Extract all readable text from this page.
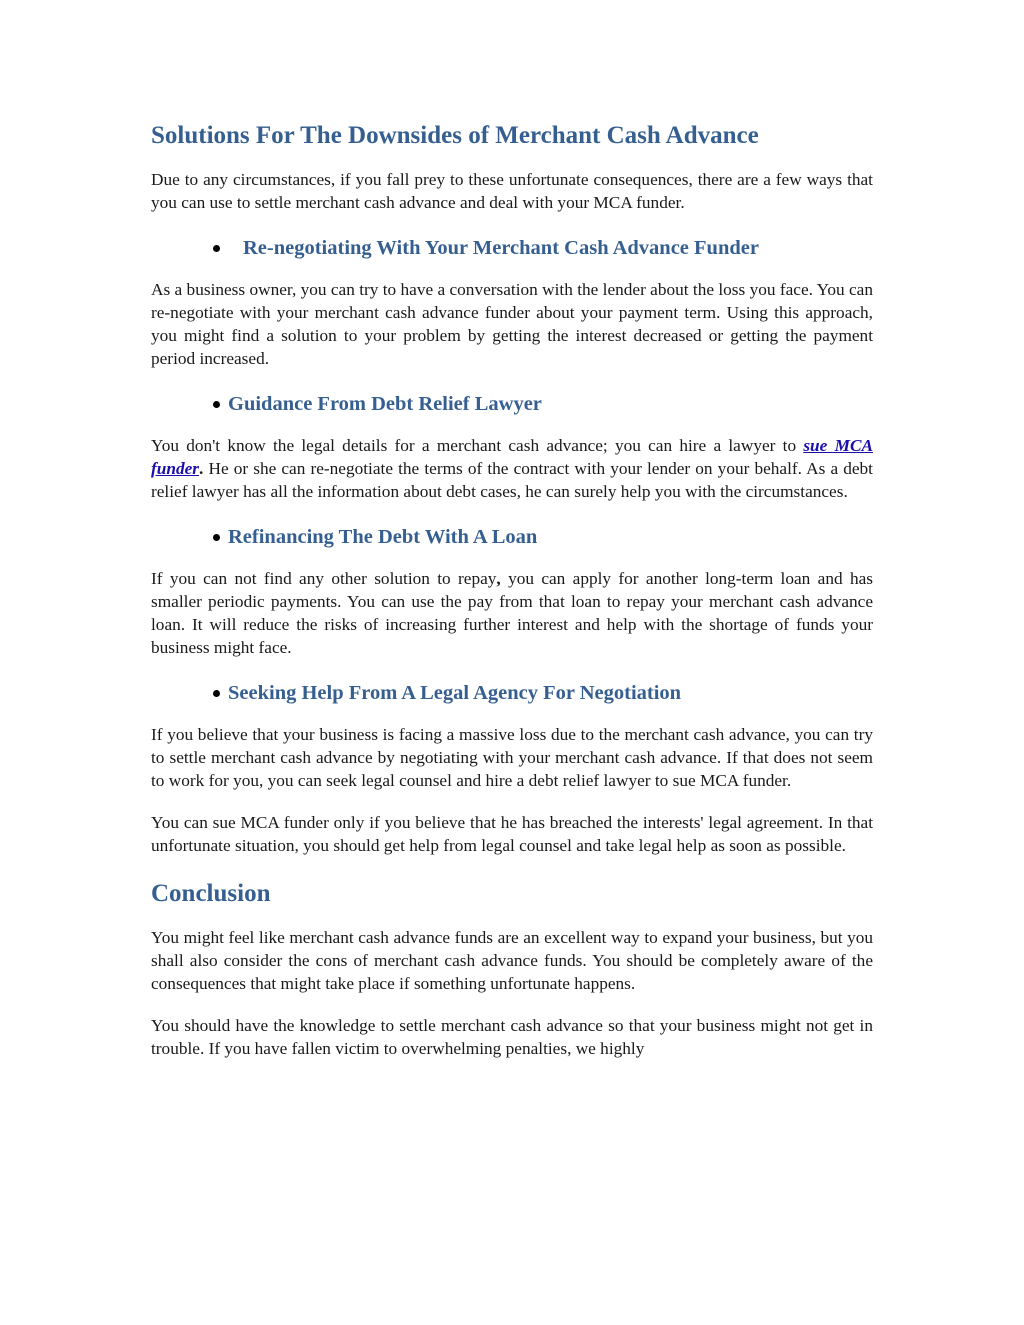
Solutions For The Downsides of Merchant Cash Advance

Due to any circumstances, if you fall prey to these unfortunate consequences, there are a few ways that you can use to settle merchant cash advance and deal with your MCA funder.

Re-negotiating With Your Merchant Cash Advance Funder

As a business owner, you can try to have a conversation with the lender about the loss you face. You can re-negotiate with your merchant cash advance funder about your payment term. Using this approach, you might find a solution to your problem by getting the interest decreased or getting the payment period increased.

Guidance From Debt Relief Lawyer

You don't know the legal details for a merchant cash advance; you can hire a lawyer to sue MCA funder. He or she can re-negotiate the terms of the contract with your lender on your behalf. As a debt relief lawyer has all the information about debt cases, he can surely help you with the circumstances.

Refinancing The Debt With A Loan

If you can not find any other solution to repay, you can apply for another long-term loan and has smaller periodic payments. You can use the pay from that loan to repay your merchant cash advance loan. It will reduce the risks of increasing further interest and help with the shortage of funds your business might face.

Seeking Help From A Legal Agency For Negotiation

If you believe that your business is facing a massive loss due to the merchant cash advance, you can try to settle merchant cash advance by negotiating with your merchant cash advance. If that does not seem to work for you, you can seek legal counsel and hire a debt relief lawyer to sue MCA funder.

You can sue MCA funder only if you believe that he has breached the interests' legal agreement. In that unfortunate situation, you should get help from legal counsel and take legal help as soon as possible.

Conclusion

You might feel like merchant cash advance funds are an excellent way to expand your business, but you shall also consider the cons of merchant cash advance funds. You should be completely aware of the consequences that might take place if something unfortunate happens.

You should have the knowledge to settle merchant cash advance so that your business might not get in trouble. If you have fallen victim to overwhelming penalties, we highly
